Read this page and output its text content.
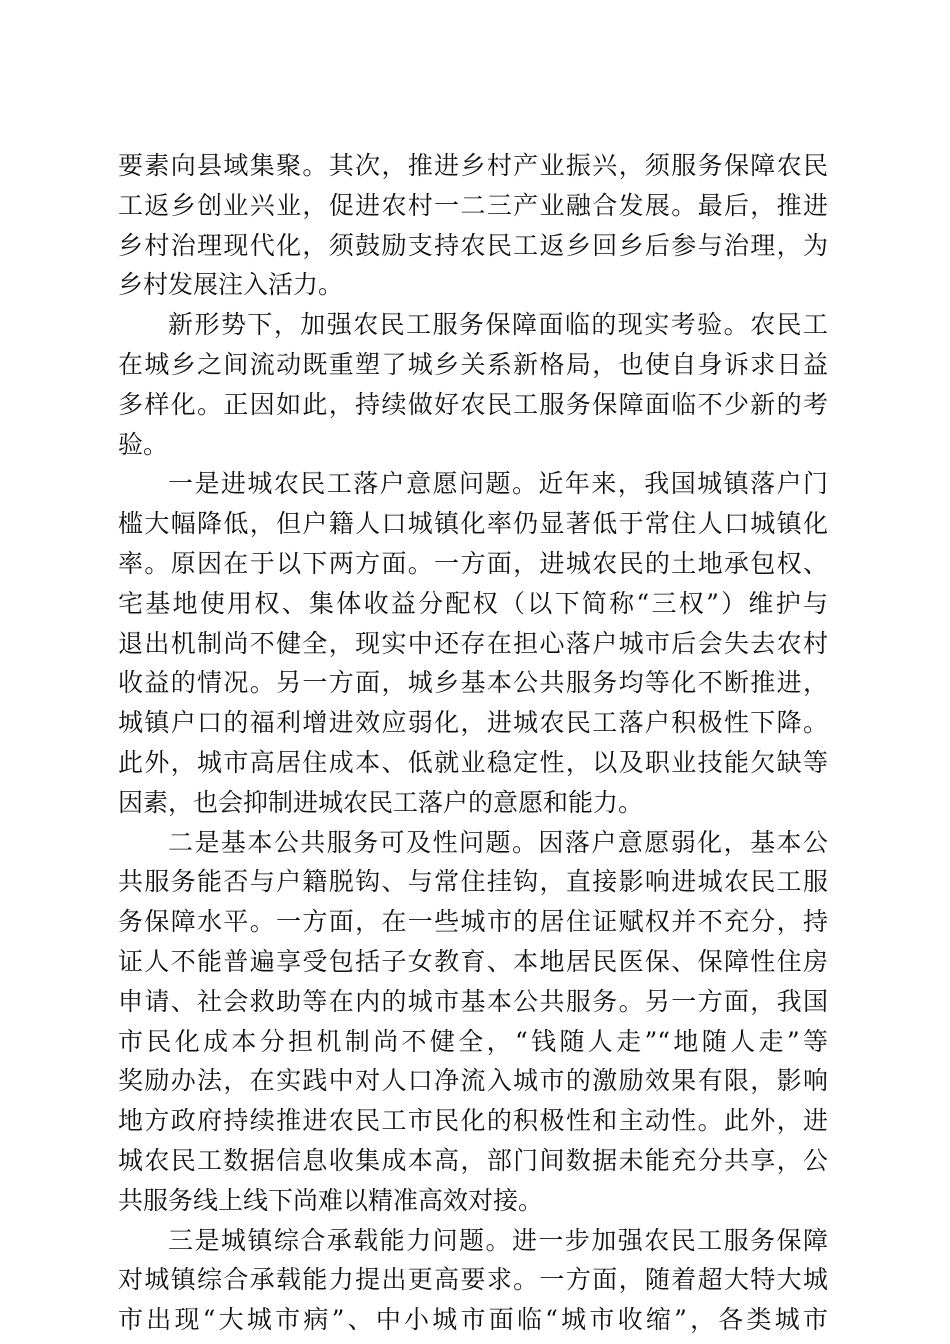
要素向县域集聚。其次，推进乡村产业振兴，须服务保障农民
工返乡创业兴业，促进农村一二三产业融合发展。最后，推进
乡村治理现代化，须鼓励支持农民工返乡回乡后参与治理，为
乡村发展注入活力。
新形势下，加强农民工服务保障面临的现实考验。农民工
在城乡之间流动既重塑了城乡关系新格局，也使自身诉求日益
多样化。正因如此，持续做好农民工服务保障面临不少新的考
验。
一是进城农民工落户意愿问题。近年来，我国城镇落户门
槛大幅降低，但户籍人口城镇化率仍显著低于常住人口城镇化
率。原因在于以下两方面。一方面，进城农民的土地承包权、
宅基地使用权、集体收益分配权（以下简称“三权”）维护与
退出机制尚不健全，现实中还存在担心落户城市后会失去农村
收益的情况。另一方面，城乡基本公共服务均等化不断推进，
城镇户口的福利增进效应弱化，进城农民工落户积极性下降。
此外，城市高居住成本、低就业稳定性，以及职业技能欠缺等
因素，也会抑制进城农民工落户的意愿和能力。
二是基本公共服务可及性问题。因落户意愿弱化，基本公
共服务能否与户籍脱钩、与常住挂钩，直接影响进城农民工服
务保障水平。一方面，在一些城市的居住证赋权并不充分，持
证人不能普遍享受包括子女教育、本地居民医保、保障性住房
申请、社会救助等在内的城市基本公共服务。另一方面，我国
市民化成本分担机制尚不健全，“钱随人走”“地随人走”等
奖励办法，在实践中对人口净流入城市的激励效果有限，影响
地方政府持续推进农民工市民化的积极性和主动性。此外，进
城农民工数据信息收集成本高，部门间数据未能充分共享，公
共服务线上线下尚难以精准高效对接。
三是城镇综合承载能力问题。进一步加强农民工服务保障
对城镇综合承载能力提出更高要求。一方面，随着超大特大城
市出现“大城市病”、中小城市面临“城市收缩”，各类城市
